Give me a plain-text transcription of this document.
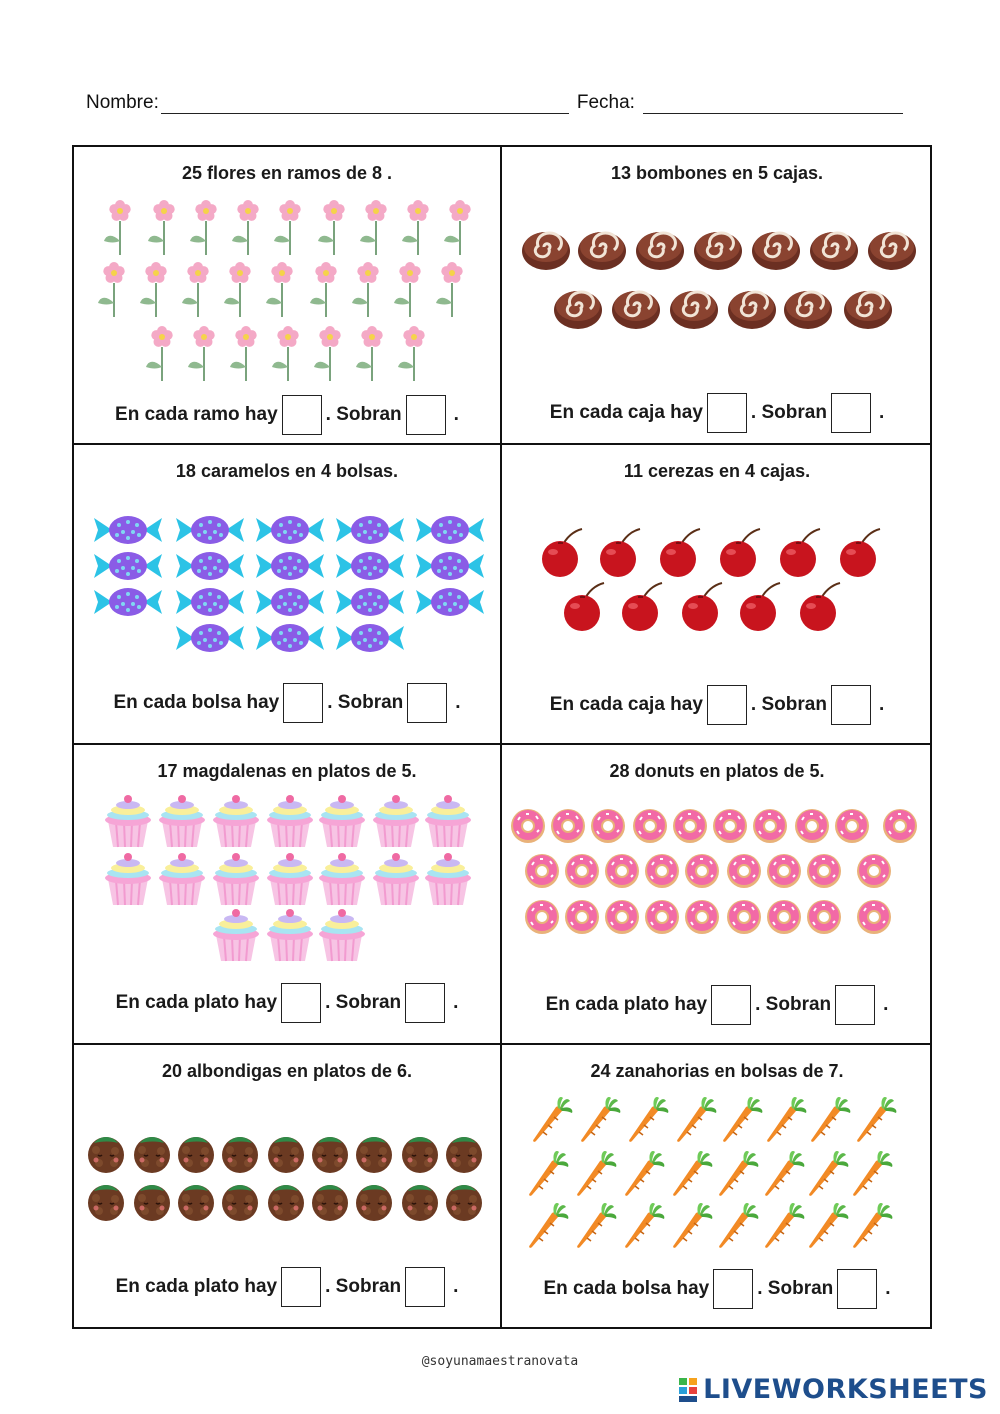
Nombre:	Fecha:
25 flores en ramos de 8 .
En cada ramo hay	. Sobran	.
13 bombones en 5 cajas.
En cada caja hay	. Sobran	.
18 caramelos en 4 bolsas.
En cada bolsa hay	. Sobran	.
11 cerezas en 4 cajas.
En cada caja hay	. Sobran	.
17 magdalenas en platos de 5.
En cada plato hay	. Sobran	.
28 donuts en platos de 5.
En cada plato hay	. Sobran	.
20 albondigas en platos de 6.
En cada plato hay	. Sobran	.
24 zanahorias en bolsas de 7.
En cada bolsa hay	. Sobran	.
@soyunamaestranovata
LIVEWORKSHEETS
